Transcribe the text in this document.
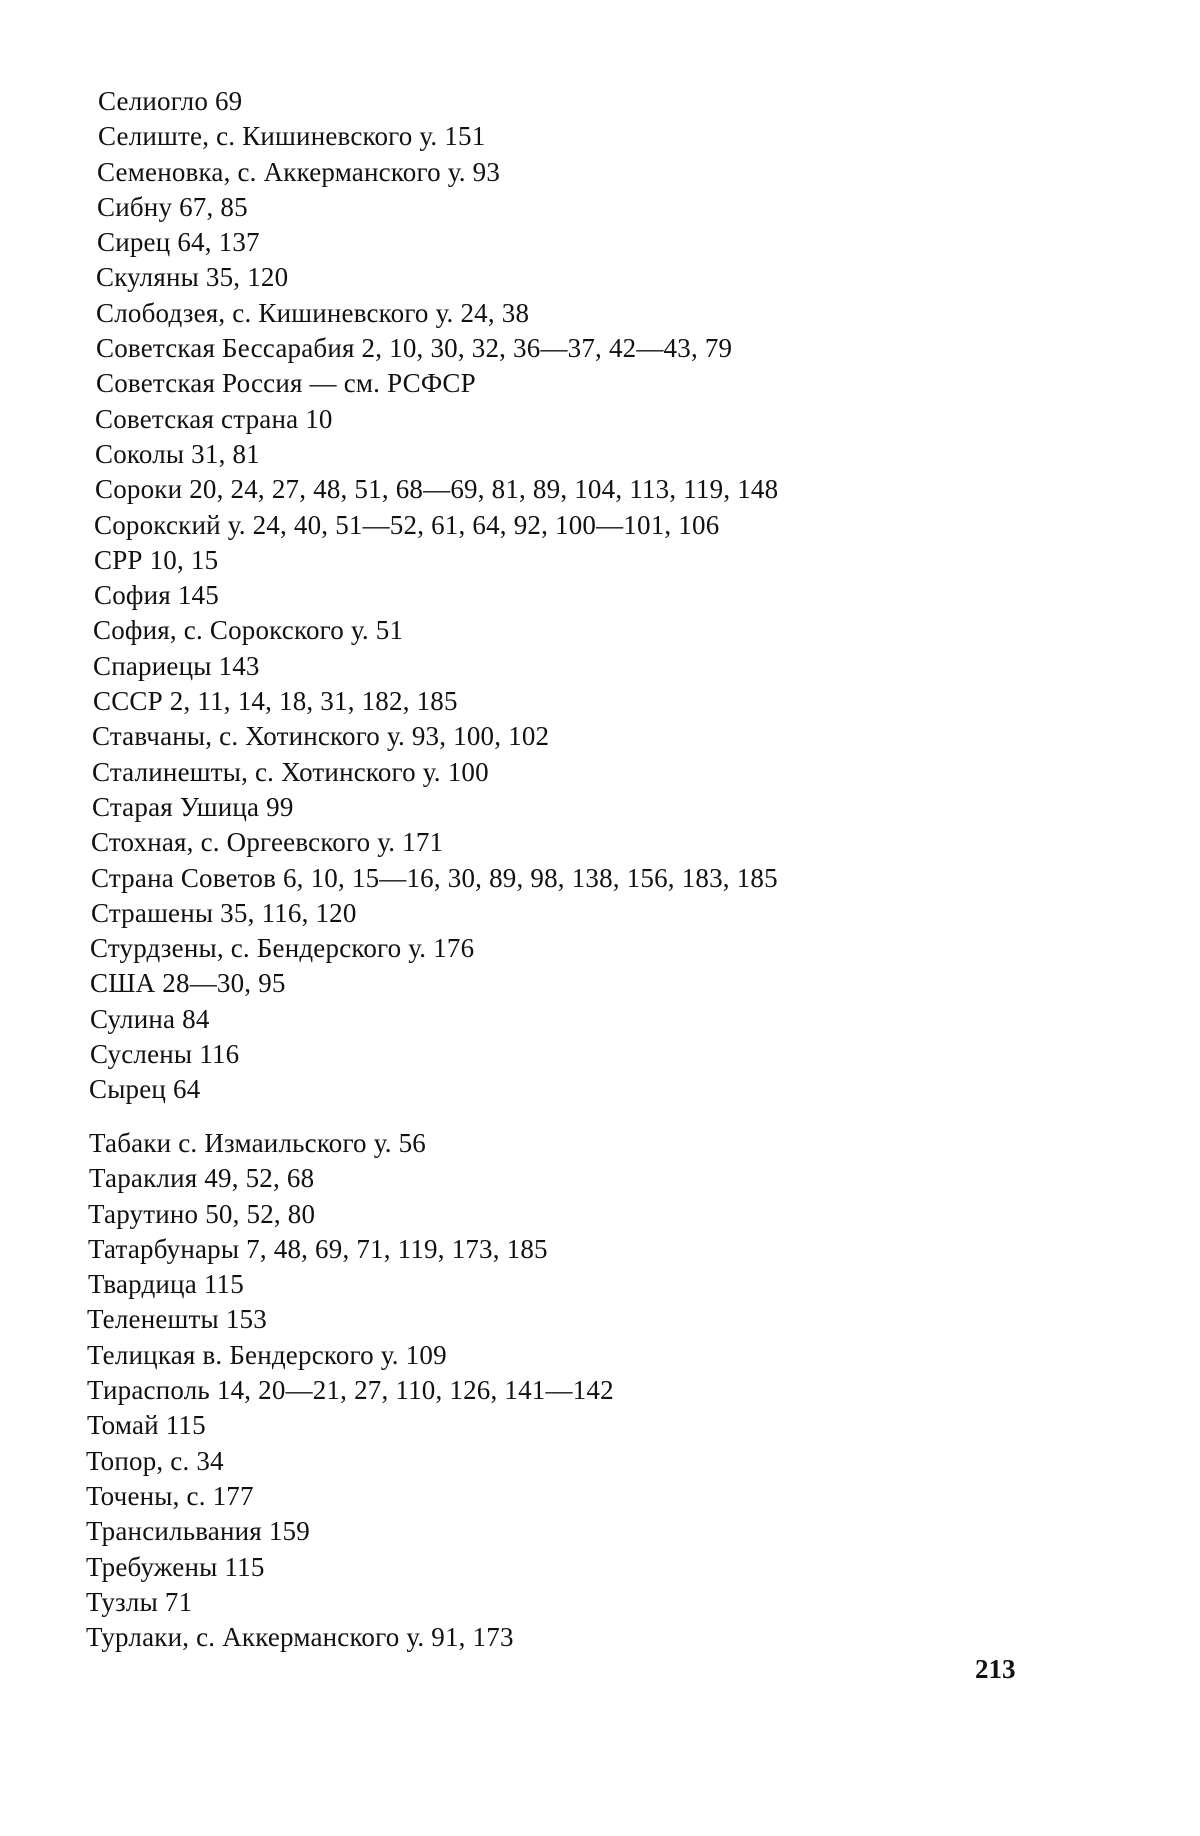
Селиогло 69
Селиште, с. Кишиневского у. 151
Семеновка, с. Аккерманского у. 93
Сибну 67, 85
Сирец 64, 137
Скуляны 35, 120
Слободзея, с. Кишиневского у. 24, 38
Советская Бессарабия 2, 10, 30, 32, 36—37, 42—43, 79
Советская Россия — см. РСФСР
Советская страна 10
Соколы 31, 81
Сороки 20, 24, 27, 48, 51, 68—69, 81, 89, 104, 113, 119, 148
Сорокский у. 24, 40, 51—52, 61, 64, 92, 100—101, 106
СРР 10, 15
София 145
София, с. Сорокского у. 51
Спариецы 143
СССР 2, 11, 14, 18, 31, 182, 185
Ставчаны, с. Хотинского у. 93, 100, 102
Сталинешты, с. Хотинского у. 100
Старая Ушица 99
Стохная, с. Оргеевского у. 171
Страна Советов 6, 10, 15—16, 30, 89, 98, 138, 156, 183, 185
Страшены 35, 116, 120
Стурдзены, с. Бендерского у. 176
США 28—30, 95
Сулина 84
Суслены 116
Сырец 64
Табаки с. Измаильского у. 56
Тараклия 49, 52, 68
Тарутино 50, 52, 80
Татарбунары 7, 48, 69, 71, 119, 173, 185
Твардица 115
Теленешты 153
Телицкая в. Бендерского у. 109
Тирасполь 14, 20—21, 27, 110, 126, 141—142
Томай 115
Топор, с. 34
Точены, с. 177
Трансильвания 159
Требужены 115
Тузлы 71
Турлаки, с. Аккерманского у. 91, 173
213
